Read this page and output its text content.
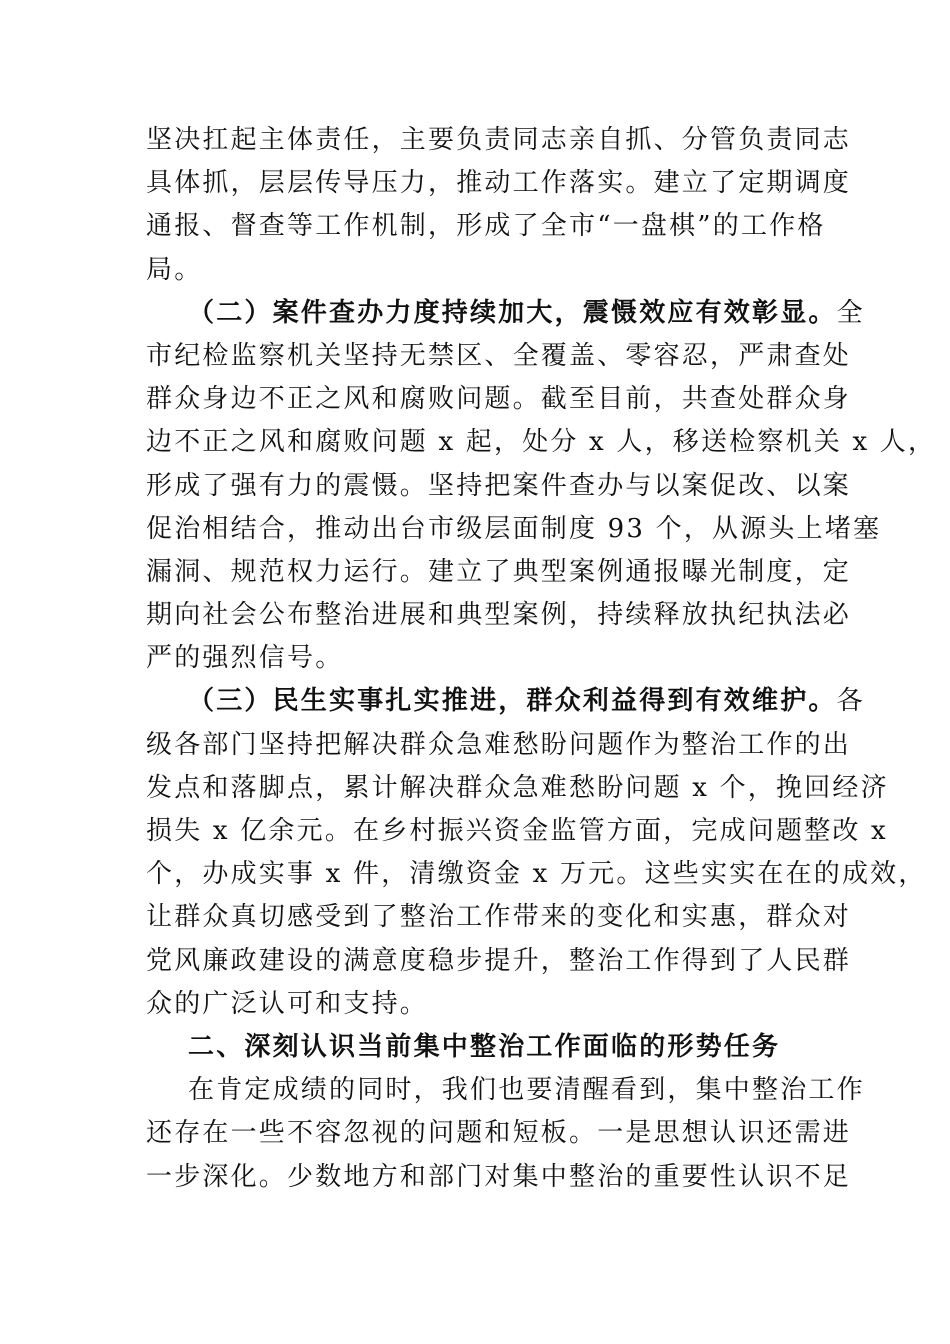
坚决扛起主体责任，主要负责同志亲自抓、分管负责同志
具体抓，层层传导压力，推动工作落实。建立了定期调度
通报、督查等工作机制，形成了全市“一盘棋”的工作格
局。
（二）案件查办力度持续加大，震慑效应有效彰显。全
市纪检监察机关坚持无禁区、全覆盖、零容忍，严肃查处
群众身边不正之风和腐败问题。截至目前，共查处群众身
边不正之风和腐败问题 x 起，处分 x 人，移送检察机关 x 人，
形成了强有力的震慑。坚持把案件查办与以案促改、以案
促治相结合，推动出台市级层面制度 93 个，从源头上堵塞
漏洞、规范权力运行。建立了典型案例通报曝光制度，定
期向社会公布整治进展和典型案例，持续释放执纪执法必
严的强烈信号。
（三）民生实事扎实推进，群众利益得到有效维护。各
级各部门坚持把解决群众急难愁盼问题作为整治工作的出
发点和落脚点，累计解决群众急难愁盼问题 x 个，挽回经济
损失 x 亿余元。在乡村振兴资金监管方面，完成问题整改 x
个，办成实事 x 件，清缴资金 x 万元。这些实实在在的成效，
让群众真切感受到了整治工作带来的变化和实惠，群众对
党风廉政建设的满意度稳步提升，整治工作得到了人民群
众的广泛认可和支持。
二、深刻认识当前集中整治工作面临的形势任务
在肯定成绩的同时，我们也要清醒看到，集中整治工作
还存在一些不容忽视的问题和短板。一是思想认识还需进
一步深化。少数地方和部门对集中整治的重要性认识不足
